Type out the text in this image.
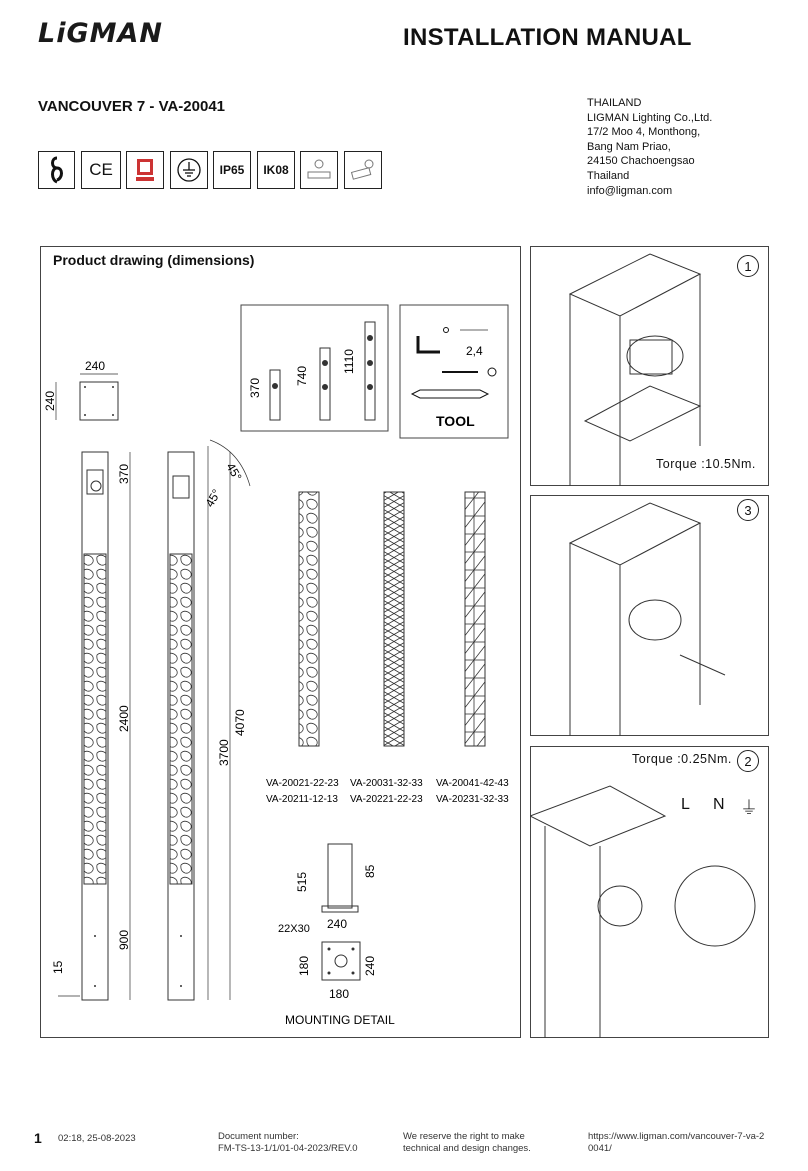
LiGMAN	INSTALLATION MANUAL
VANCOUVER 7 - VA-20041	THAILAND
LIGMAN Lighting Co.,Ltd.
17/2 Moo 4, Monthong,
Bang Nam Priao,
24150 Chachoengsao
Thailand
info@ligman.com
CE	IP65	IK08
Product drawing (dimensions)
240
240
370
2400
900
15
45°
45°
3700
4070
370
740
1110	2,4
TOOL
VA-20021-22-23
VA-20211-12-13
VA-20031-32-33
VA-20221-22-23
VA-20041-42-43
VA-20231-32-33
515
85
240
22X30
180	240
180
MOUNTING DETAIL
1
Torque :10.5Nm.
3
Torque :0.25Nm. 2
L N ⏚
1 02:18, 25-08-2023	Document number:
FM-TS-13-1/1/01-04-2023/REV.0
We reserve the right to make
technical and design changes.
https://www.ligman.com/vancouver-7-va-2
0041/
